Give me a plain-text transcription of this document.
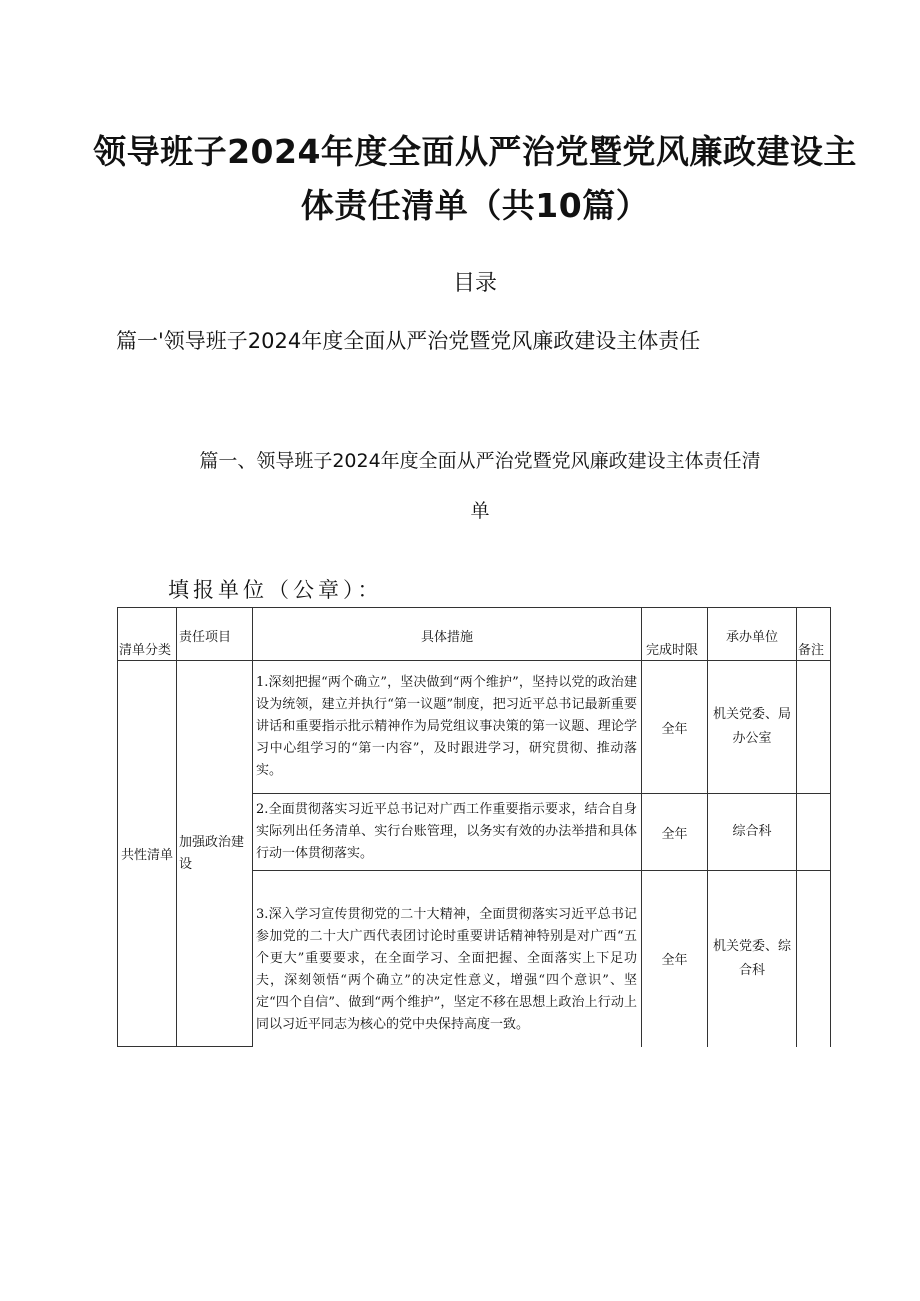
领导班子2024年度全面从严治党暨党风廉政建设主
体责任清单（共10篇）
目录
篇一'领导班子2024年度全面从严治党暨党风廉政建设主体责任
篇一、领导班子2024年度全面从严治党暨党风廉政建设主体责任清
单
填报单位（公章）：
清单分类	责任项目	具体措施	完成时限	承办单位	备注

共性清单	加强政治建设	1.深刻把握“两个确立”，坚决做到“两个维护”，坚持以党的政治建设为统领，建立并执行“第一议题”制度，把习近平总书记最新重要讲话和重要指示批示精神作为局党组议事决策的第一议题、理论学习中心组学习的“第一内容”，及时跟进学习，研究贯彻、推动落实。	全年	机关党委、局办公室	
		2.全面贯彻落实习近平总书记对广西工作重要指示要求，结合自身实际列出任务清单、实行台账管理，以务实有效的办法举措和具体行动一体贯彻落实。	全年	综合科	
		3.深入学习宣传贯彻党的二十大精神，全面贯彻落实习近平总书记参加党的二十大广西代表团讨论时重要讲话精神特别是对广西“五个更大”重要要求，在全面学习、全面把握、全面落实上下足功夫，深刻领悟“两个确立”的决定性意义，增强“四个意识”、坚定“四个自信”、做到“两个维护”，坚定不移在思想上政治上行动上同以习近平同志为核心的党中央保持高度一致。	全年	机关党委、综合科	
